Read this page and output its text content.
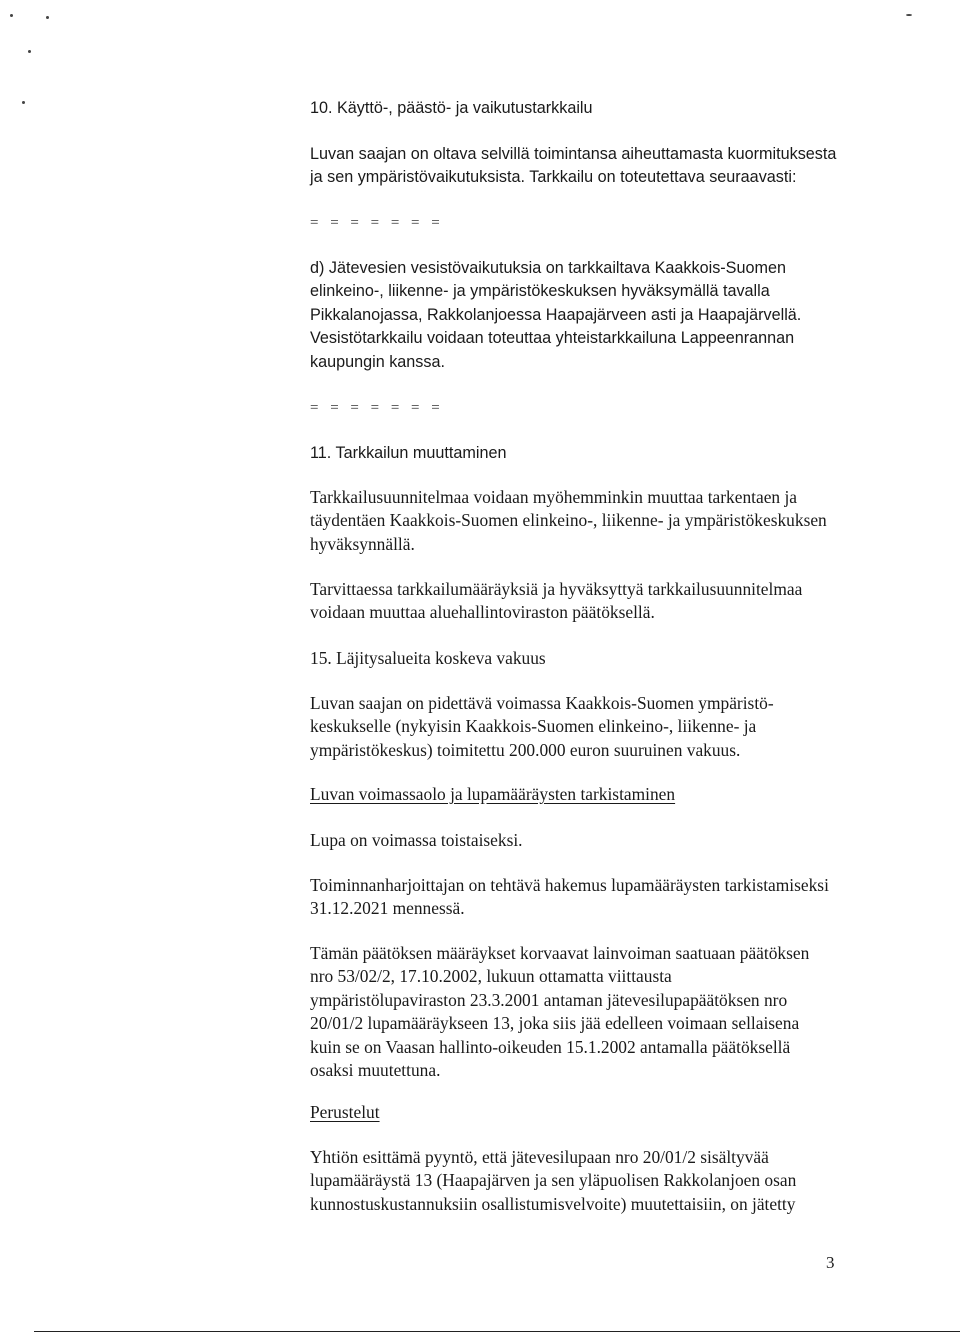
10. Käyttö-, päästö- ja vaikutustarkkailu
Luvan saajan on oltava selvillä toimintansa aiheuttamasta kuormituksesta
ja sen ympäristövaikutuksista. Tarkkailu on toteutettava seuraavasti:
= = = = = = =
d) Jätevesien vesistövaikutuksia on tarkkailtava Kaakkois-Suomen
elinkeino-, liikenne- ja ympäristökeskuksen hyväksymällä tavalla
Pikkalanojassa, Rakkolanjoessa Haapajärveen asti ja Haapajärvellä.
Vesistötarkkailu voidaan toteuttaa yhteistarkkailuna Lappeenrannan
kaupungin kanssa.
= = = = = = =
11. Tarkkailun muuttaminen
Tarkkailusuunnitelmaa voidaan myöhemminkin muuttaa tarkentaen ja
täydentäen Kaakkois-Suomen elinkeino-, liikenne- ja ympäristökeskuksen
hyväksynnällä.
Tarvittaessa tarkkailumääräyksiä ja hyväksyttyä tarkkailusuunnitelmaa
voidaan muuttaa aluehallintoviraston päätöksellä.
15. Läjitysalueita koskeva vakuus
Luvan saajan on pidettävä voimassa Kaakkois-Suomen ympäristö-
keskukselle (nykyisin Kaakkois-Suomen elinkeino-, liikenne- ja
ympäristökeskus) toimitettu 200.000 euron suuruinen vakuus.
Luvan voimassaolo ja lupamääräysten tarkistaminen
Lupa on voimassa toistaiseksi.
Toiminnanharjoittajan on tehtävä hakemus lupamääräysten tarkistamiseksi
31.12.2021 mennessä.
Tämän päätöksen määräykset korvaavat lainvoiman saatuaan päätöksen
nro 53/02/2, 17.10.2002, lukuun ottamatta viittausta
ympäristölupaviraston 23.3.2001 antaman jätevesilupapäätöksen nro
20/01/2 lupamääräykseen 13, joka siis jää edelleen voimaan sellaisena
kuin se on Vaasan hallinto-oikeuden 15.1.2002 antamalla päätöksellä
osaksi muutettuna.
Perustelut
Yhtiön esittämä pyyntö, että jätevesilupaan nro 20/01/2 sisältyvää
lupamääräystä 13 (Haapajärven ja sen yläpuolisen Rakkolanjoen osan
kunnostuskustannuksiin osallistumisvelvoite) muutettaisiin, on jätetty
3
